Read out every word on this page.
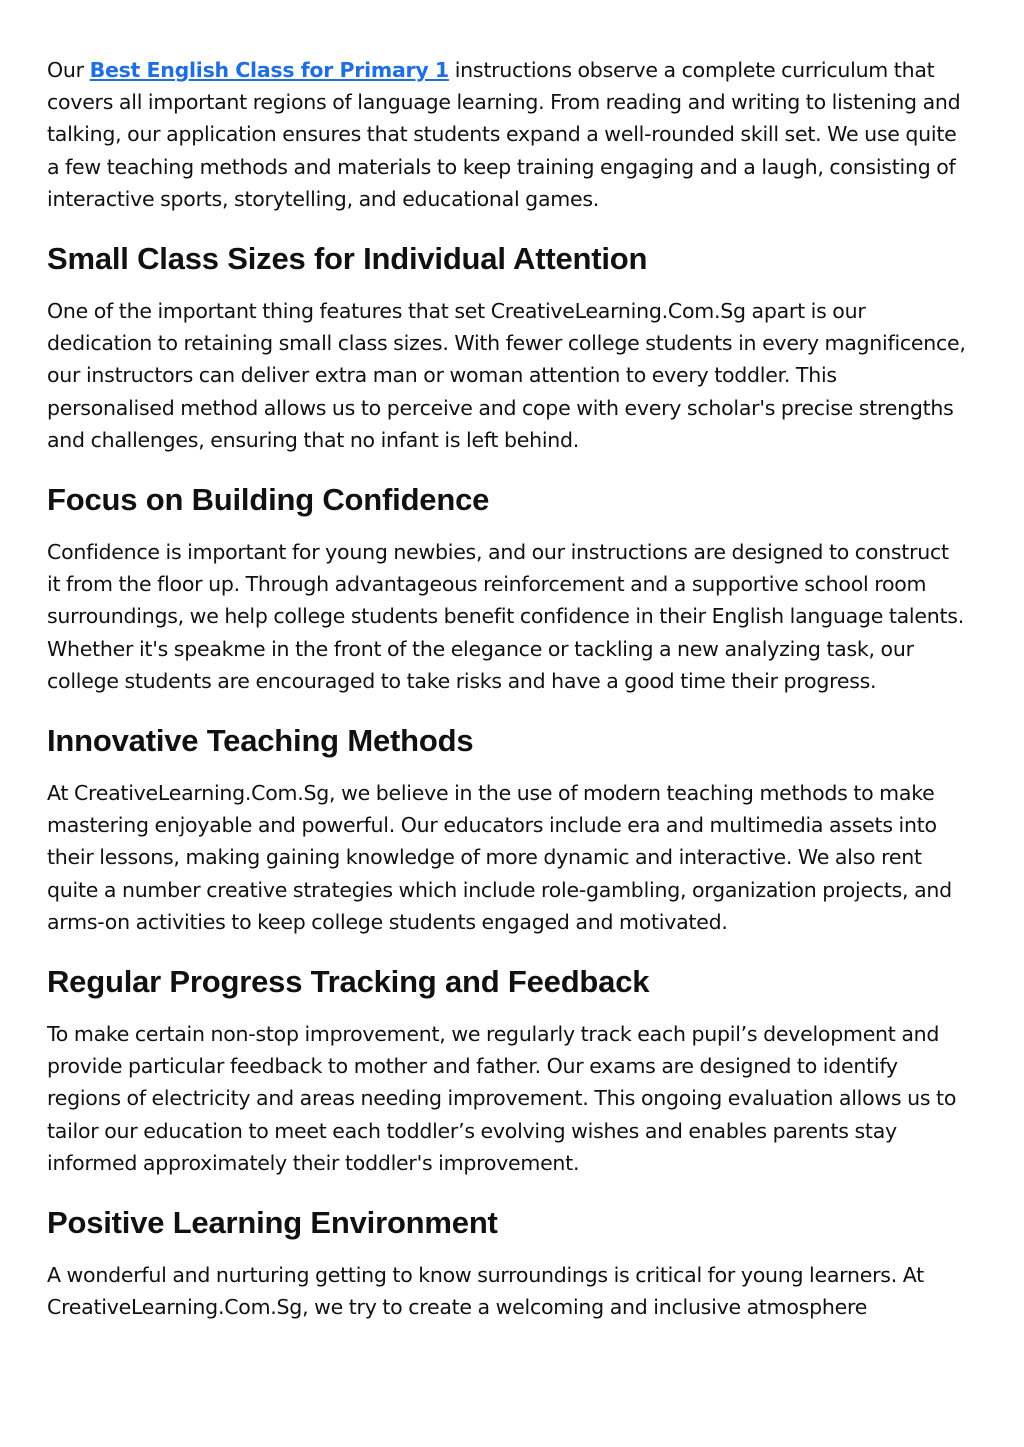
Our Best English Class for Primary 1 instructions observe a complete curriculum that covers all important regions of language learning. From reading and writing to listening and talking, our application ensures that students expand a well-rounded skill set. We use quite a few teaching methods and materials to keep training engaging and a laugh, consisting of interactive sports, storytelling, and educational games.

Small Class Sizes for Individual Attention

One of the important thing features that set CreativeLearning.Com.Sg apart is our dedication to retaining small class sizes. With fewer college students in every magnificence, our instructors can deliver extra man or woman attention to every toddler. This personalised method allows us to perceive and cope with every scholar's precise strengths and challenges, ensuring that no infant is left behind.

Focus on Building Confidence

Confidence is important for young newbies, and our instructions are designed to construct it from the floor up. Through advantageous reinforcement and a supportive school room surroundings, we help college students benefit confidence in their English language talents. Whether it's speakme in the front of the elegance or tackling a new analyzing task, our college students are encouraged to take risks and have a good time their progress.

Innovative Teaching Methods

At CreativeLearning.Com.Sg, we believe in the use of modern teaching methods to make mastering enjoyable and powerful. Our educators include era and multimedia assets into their lessons, making gaining knowledge of more dynamic and interactive. We also rent quite a number creative strategies which include role-gambling, organization projects, and arms-on activities to keep college students engaged and motivated.

Regular Progress Tracking and Feedback

To make certain non-stop improvement, we regularly track each pupil’s development and provide particular feedback to mother and father. Our exams are designed to identify regions of electricity and areas needing improvement. This ongoing evaluation allows us to tailor our education to meet each toddler’s evolving wishes and enables parents stay informed approximately their toddler's improvement.

Positive Learning Environment

A wonderful and nurturing getting to know surroundings is critical for young learners. At CreativeLearning.Com.Sg, we try to create a welcoming and inclusive atmosphere
